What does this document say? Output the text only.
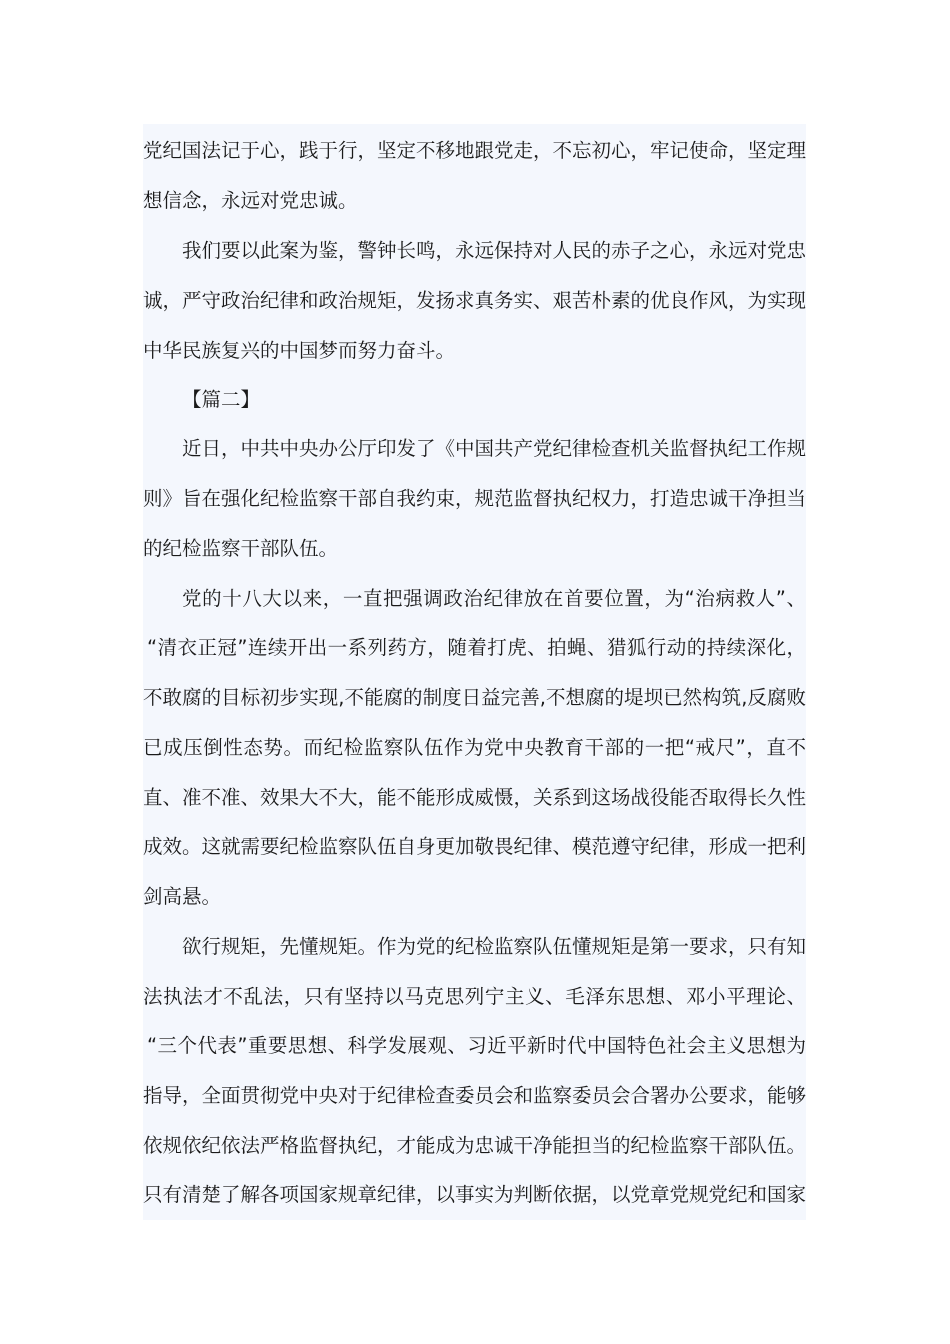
党纪国法记于心，践于行，坚定不移地跟党走，不忘初心，牢记使命，坚定理
想信念，永远对党忠诚。
我们要以此案为鉴，警钟长鸣，永远保持对人民的赤子之心，永远对党忠
诚，严守政治纪律和政治规矩，发扬求真务实、艰苦朴素的优良作风，为实现
中华民族复兴的中国梦而努力奋斗。
【篇二】
近日，中共中央办公厅印发了《中国共产党纪律检查机关监督执纪工作规
则》旨在强化纪检监察干部自我约束，规范监督执纪权力，打造忠诚干净担当
的纪检监察干部队伍。
党的十八大以来，一直把强调政治纪律放在首要位置，为“治病救人”、
“清衣正冠”连续开出一系列药方，随着打虎、拍蝇、猎狐行动的持续深化，
不敢腐的目标初步实现,不能腐的制度日益完善,不想腐的堤坝已然构筑,反腐败
已成压倒性态势。而纪检监察队伍作为党中央教育干部的一把“戒尺”，直不
直、准不准、效果大不大，能不能形成威慑，关系到这场战役能否取得长久性
成效。这就需要纪检监察队伍自身更加敬畏纪律、模范遵守纪律，形成一把利
剑高悬。
欲行规矩，先懂规矩。作为党的纪检监察队伍懂规矩是第一要求，只有知
法执法才不乱法，只有坚持以马克思列宁主义、毛泽东思想、邓小平理论、
“三个代表”重要思想、科学发展观、习近平新时代中国特色社会主义思想为
指导，全面贯彻党中央对于纪律检查委员会和监察委员会合署办公要求，能够
依规依纪依法严格监督执纪，才能成为忠诚干净能担当的纪检监察干部队伍。
只有清楚了解各项国家规章纪律，以事实为判断依据，以党章党规党纪和国家
